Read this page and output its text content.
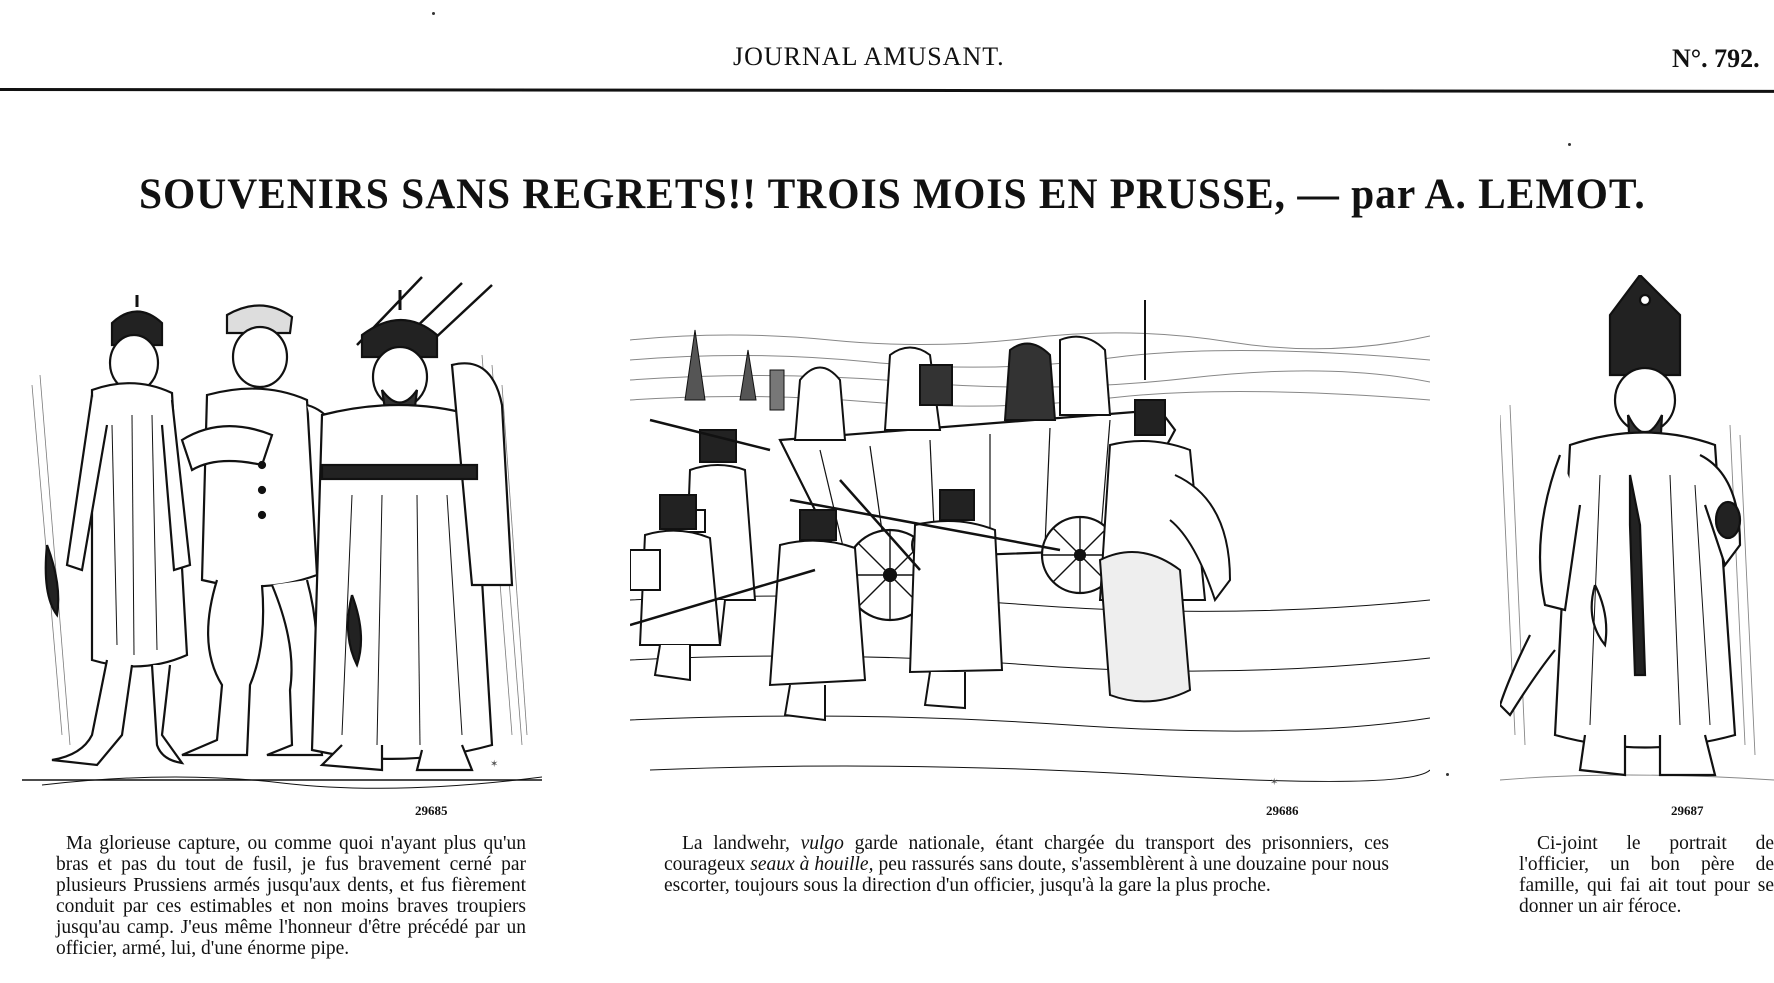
JOURNAL AMUSANT.	N°. 792.
SOUVENIRS SANS REGRETS!! TROIS MOIS EN PRUSSE, — par A. LEMOT.
✶
✶
29685	29686	29687
Ma glorieuse capture, ou comme quoi n'ayant plus qu'un bras et pas du tout de fusil, je fus bravement cerné par plusieurs Prussiens armés jusqu'aux dents, et fus fièrement conduit par ces estimables et non moins braves troupiers jusqu'au camp. J'eus même l'honneur d'être précédé par un officier, armé, lui, d'une énorme pipe.
La landwehr, vulgo garde nationale, étant chargée du transport des prisonniers, ces courageux seaux à houille, peu rassurés sans doute, s'assemblèrent à une douzaine pour nous escorter, toujours sous la direction d'un officier, jusqu'à la gare la plus proche.
Ci-joint le portrait de l'officier, un bon père de famille, qui fai ait tout pour se donner un air féroce.
